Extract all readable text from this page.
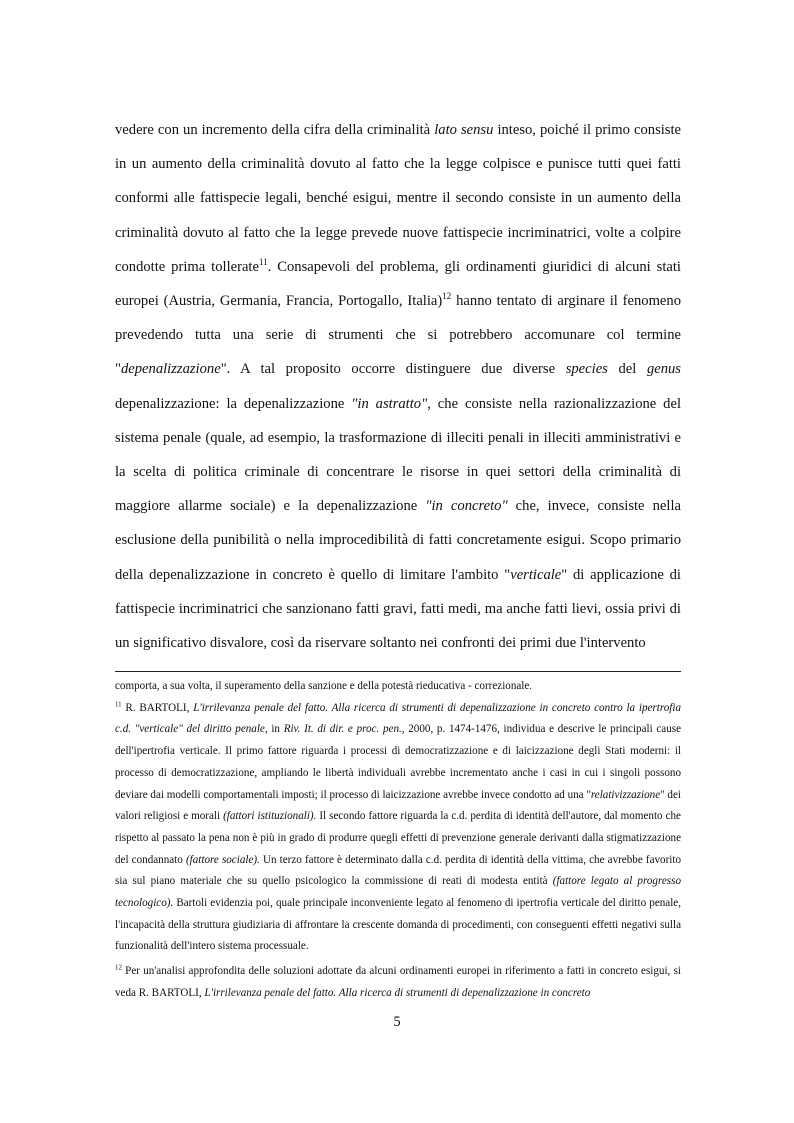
vedere con un incremento della cifra della criminalità lato sensu inteso, poiché il primo consiste in un aumento della criminalità dovuto al fatto che la legge colpisce e punisce tutti quei fatti conformi alle fattispecie legali, benché esigui, mentre il secondo consiste in un aumento della criminalità dovuto al fatto che la legge prevede nuove fattispecie incriminatrici, volte a colpire condotte prima tollerate$^{11}$. Consapevoli del problema, gli ordinamenti giuridici di alcuni stati europei (Austria, Germania, Francia, Portogallo, Italia)$^{12}$ hanno tentato di arginare il fenomeno prevedendo tutta una serie di strumenti che si potrebbero accomunare col termine "depenalizzazione". A tal proposito occorre distinguere due diverse species del genus depenalizzazione: la depenalizzazione "in astratto", che consiste nella razionalizzazione del sistema penale (quale, ad esempio, la trasformazione di illeciti penali in illeciti amministrativi e la scelta di politica criminale di concentrare le risorse in quei settori della criminalità di maggiore allarme sociale) e la depenalizzazione "in concreto" che, invece, consiste nella esclusione della punibilità o nella improcedibilità di fatti concretamente esigui. Scopo primario della depenalizzazione in concreto è quello di limitare l'ambito "verticale" di applicazione di fattispecie incriminatrici che sanzionano fatti gravi, fatti medi, ma anche fatti lievi, ossia privi di un significativo disvalore, così da riservare soltanto nei confronti dei primi due l'intervento

comporta, a sua volta, il superamento della sanzione e della potestà rieducativa - correzionale.

$^{11}$ R. BARTOLI, L'irrilevanza penale del fatto. Alla ricerca di strumenti di depenalizzazione in concreto contro la ipertrofia c.d. "verticale" del diritto penale, in Riv. It. di dir. e proc. pen., 2000, p. 1474-1476, individua e descrive le principali cause dell'ipertrofia verticale. Il primo fattore riguarda i processi di democratizzazione e di laicizzazione degli Stati moderni: il processo di democratizzazione, ampliando le libertà individuali avrebbe incrementato anche i casi in cui i singoli possono deviare dai modelli comportamentali imposti; il processo di laicizzazione avrebbe invece condotto ad una "relativizzazione" dei valori religiosi e morali (fattori istituzionali). Il secondo fattore riguarda la c.d. perdita di identità dell'autore, dal momento che rispetto al passato la pena non è più in grado di produrre quegli effetti di prevenzione generale derivanti dalla stigmatizzazione del condannato (fattore sociale). Un terzo fattore è determinato dalla c.d. perdita di identità della vittima, che avrebbe favorito sia sul piano materiale che su quello psicologico la commissione di reati di modesta entità (fattore legato al progresso tecnologico). Bartoli evidenzia poi, quale principale inconveniente legato al fenomeno di ipertrofia verticale del diritto penale, l'incapacità della struttura giudiziaria di affrontare la crescente domanda di procedimenti, con conseguenti effetti negativi sulla funzionalità dell'intero sistema processuale.

$^{12}$ Per un'analisi approfondita delle soluzioni adottate da alcuni ordinamenti europei in riferimento a fatti in concreto esigui, si veda R. BARTOLI, L'irrilevanza penale del fatto. Alla ricerca di strumenti di depenalizzazione in concreto

5
